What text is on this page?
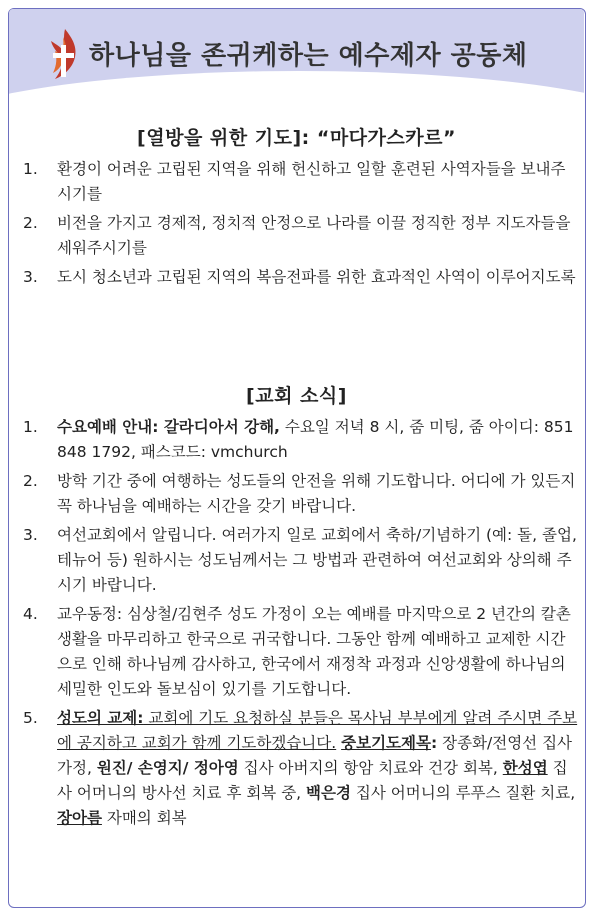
하나님을 존귀케하는 예수제자 공동체
[열방을 위한 기도]: “마다가스카르”
1. 환경이 어려운 고립된 지역을 위해 헌신하고 일할 훈련된 사역자들을 보내주시기를
2. 비전을 가지고 경제적, 정치적 안정으로 나라를 이끌 정직한 정부 지도자들을 세워주시기를
3. 도시 청소년과 고립된 지역의 복음전파를 위한 효과적인 사역이 이루어지도록
[교회 소식]
1. 수요예배 안내: 갈라디아서 강해, 수요일 저녁 8 시, 줌 미팅, 줌 아이디: 851 848 1792, 패스코드: vmchurch
2. 방학 기간 중에 여행하는 성도들의 안전을 위해 기도합니다. 어디에 가 있든지 꼭 하나님을 예배하는 시간을 갖기 바랍니다.
3. 여선교회에서 알립니다. 여러가지 일로 교회에서 축하/기념하기 (예: 돌, 졸업, 테뉴어 등) 원하시는 성도님께서는 그 방법과 관련하여 여선교회와 상의해 주시기 바랍니다.
4. 교우동정: 심상철/김현주 성도 가정이 오는 예배를 마지막으로 2 년간의 칼촌 생활을 마무리하고 한국으로 귀국합니다. 그동안 함께 예배하고 교제한 시간으로 인해 하나님께 감사하고, 한국에서 재정착 과정과 신앙생활에 하나님의 세밀한 인도와 돌보심이 있기를 기도합니다.
5. 성도의 교제: 교회에 기도 요청하실 분들은 목사님 부부에게 알려 주시면 주보에 공지하고 교회가 함께 기도하겠습니다. 중보기도제목: 장종화/전영선 집사 가정, 원진/ 손영지/ 정아영 집사 아버지의 항암 치료와 건강 회복, 한성엽 집사 어머니의 방사선 치료 후 회복 중, 백은경 집사 어머니의 루푸스 질환 치료, 장아름 자매의 회복
